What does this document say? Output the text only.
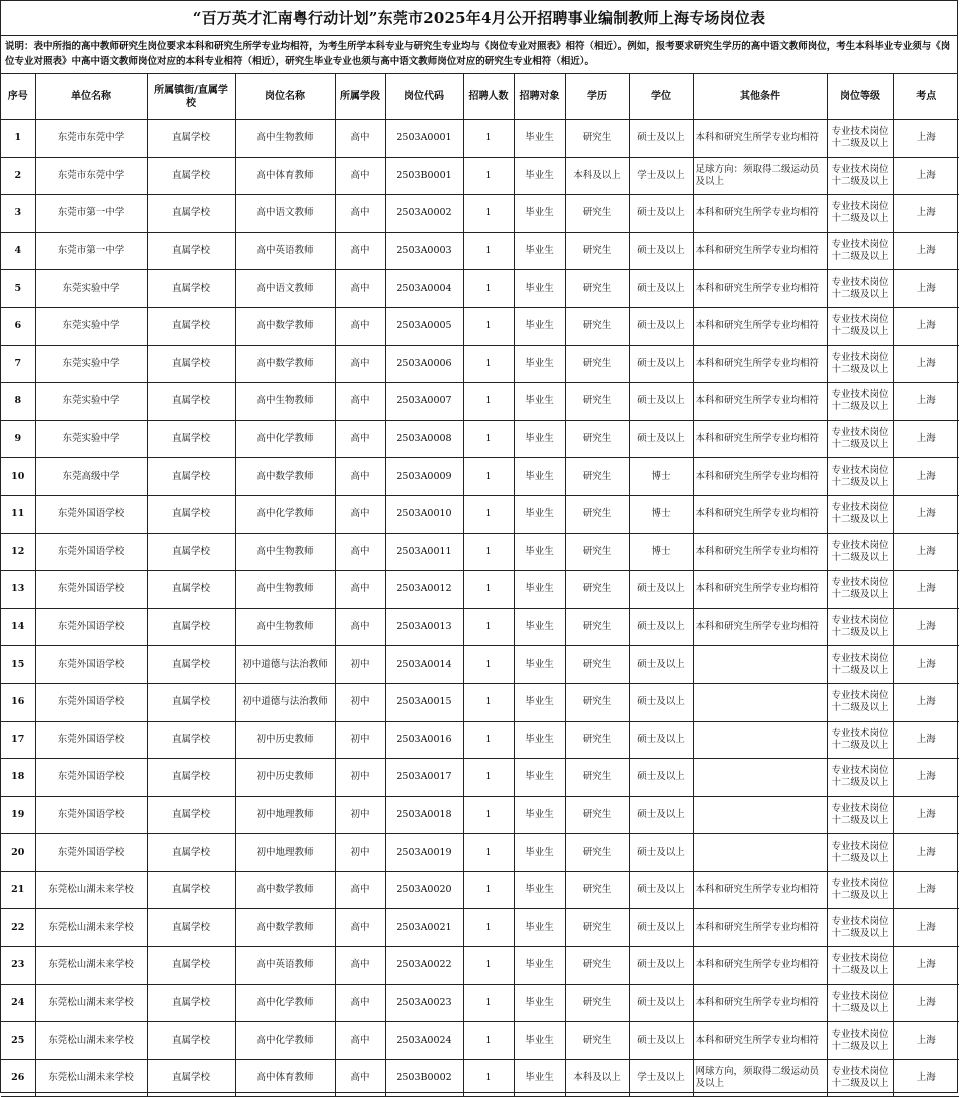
“百万英才汇南粤行动计划”东莞市2025年4月公开招聘事业编制教师上海专场岗位表
说明：表中所指的高中教师研究生岗位要求本科和研究生所学专业均相符，为考生所学本科专业与研究生专业均与《岗位专业对照表》相符（相近）。例如，报考要求研究生学历的高中语文教师岗位，考生本科毕业专业须与《岗位专业对照表》中高中语文教师岗位对应的本科专业相符（相近），研究生毕业专业也须与高中语文教师岗位对应的研究生专业相符（相近）。
序号	单位名称	所属镇街/直属学校	岗位名称	所属学段	岗位代码	招聘人数	招聘对象	学历	学位	其他条件	岗位等级	考点
1	东莞市东莞中学	直属学校	高中生物教师	高中	2503A0001	1	毕业生	研究生	硕士及以上	本科和研究生所学专业均相符	专业技术岗位十二级及以上	上海
2	东莞市东莞中学	直属学校	高中体育教师	高中	2503B0001	1	毕业生	本科及以上	学士及以上	足球方向：须取得二级运动员及以上	专业技术岗位十二级及以上	上海
3	东莞市第一中学	直属学校	高中语文教师	高中	2503A0002	1	毕业生	研究生	硕士及以上	本科和研究生所学专业均相符	专业技术岗位十二级及以上	上海
4	东莞市第一中学	直属学校	高中英语教师	高中	2503A0003	1	毕业生	研究生	硕士及以上	本科和研究生所学专业均相符	专业技术岗位十二级及以上	上海
5	东莞实验中学	直属学校	高中语文教师	高中	2503A0004	1	毕业生	研究生	硕士及以上	本科和研究生所学专业均相符	专业技术岗位十二级及以上	上海
6	东莞实验中学	直属学校	高中数学教师	高中	2503A0005	1	毕业生	研究生	硕士及以上	本科和研究生所学专业均相符	专业技术岗位十二级及以上	上海
7	东莞实验中学	直属学校	高中数学教师	高中	2503A0006	1	毕业生	研究生	硕士及以上	本科和研究生所学专业均相符	专业技术岗位十二级及以上	上海
8	东莞实验中学	直属学校	高中生物教师	高中	2503A0007	1	毕业生	研究生	硕士及以上	本科和研究生所学专业均相符	专业技术岗位十二级及以上	上海
9	东莞实验中学	直属学校	高中化学教师	高中	2503A0008	1	毕业生	研究生	硕士及以上	本科和研究生所学专业均相符	专业技术岗位十二级及以上	上海
10	东莞高级中学	直属学校	高中数学教师	高中	2503A0009	1	毕业生	研究生	博士	本科和研究生所学专业均相符	专业技术岗位十二级及以上	上海
11	东莞外国语学校	直属学校	高中化学教师	高中	2503A0010	1	毕业生	研究生	博士	本科和研究生所学专业均相符	专业技术岗位十二级及以上	上海
12	东莞外国语学校	直属学校	高中生物教师	高中	2503A0011	1	毕业生	研究生	博士	本科和研究生所学专业均相符	专业技术岗位十二级及以上	上海
13	东莞外国语学校	直属学校	高中生物教师	高中	2503A0012	1	毕业生	研究生	硕士及以上	本科和研究生所学专业均相符	专业技术岗位十二级及以上	上海
14	东莞外国语学校	直属学校	高中生物教师	高中	2503A0013	1	毕业生	研究生	硕士及以上	本科和研究生所学专业均相符	专业技术岗位十二级及以上	上海
15	东莞外国语学校	直属学校	初中道德与法治教师	初中	2503A0014	1	毕业生	研究生	硕士及以上		专业技术岗位十二级及以上	上海
16	东莞外国语学校	直属学校	初中道德与法治教师	初中	2503A0015	1	毕业生	研究生	硕士及以上		专业技术岗位十二级及以上	上海
17	东莞外国语学校	直属学校	初中历史教师	初中	2503A0016	1	毕业生	研究生	硕士及以上		专业技术岗位十二级及以上	上海
18	东莞外国语学校	直属学校	初中历史教师	初中	2503A0017	1	毕业生	研究生	硕士及以上		专业技术岗位十二级及以上	上海
19	东莞外国语学校	直属学校	初中地理教师	初中	2503A0018	1	毕业生	研究生	硕士及以上		专业技术岗位十二级及以上	上海
20	东莞外国语学校	直属学校	初中地理教师	初中	2503A0019	1	毕业生	研究生	硕士及以上		专业技术岗位十二级及以上	上海
21	东莞松山湖未来学校	直属学校	高中数学教师	高中	2503A0020	1	毕业生	研究生	硕士及以上	本科和研究生所学专业均相符	专业技术岗位十二级及以上	上海
22	东莞松山湖未来学校	直属学校	高中数学教师	高中	2503A0021	1	毕业生	研究生	硕士及以上	本科和研究生所学专业均相符	专业技术岗位十二级及以上	上海
23	东莞松山湖未来学校	直属学校	高中英语教师	高中	2503A0022	1	毕业生	研究生	硕士及以上	本科和研究生所学专业均相符	专业技术岗位十二级及以上	上海
24	东莞松山湖未来学校	直属学校	高中化学教师	高中	2503A0023	1	毕业生	研究生	硕士及以上	本科和研究生所学专业均相符	专业技术岗位十二级及以上	上海
25	东莞松山湖未来学校	直属学校	高中化学教师	高中	2503A0024	1	毕业生	研究生	硕士及以上	本科和研究生所学专业均相符	专业技术岗位十二级及以上	上海
26	东莞松山湖未来学校	直属学校	高中体育教师	高中	2503B0002	1	毕业生	本科及以上	学士及以上	网球方向，须取得二级运动员及以上	专业技术岗位十二级及以上	上海
